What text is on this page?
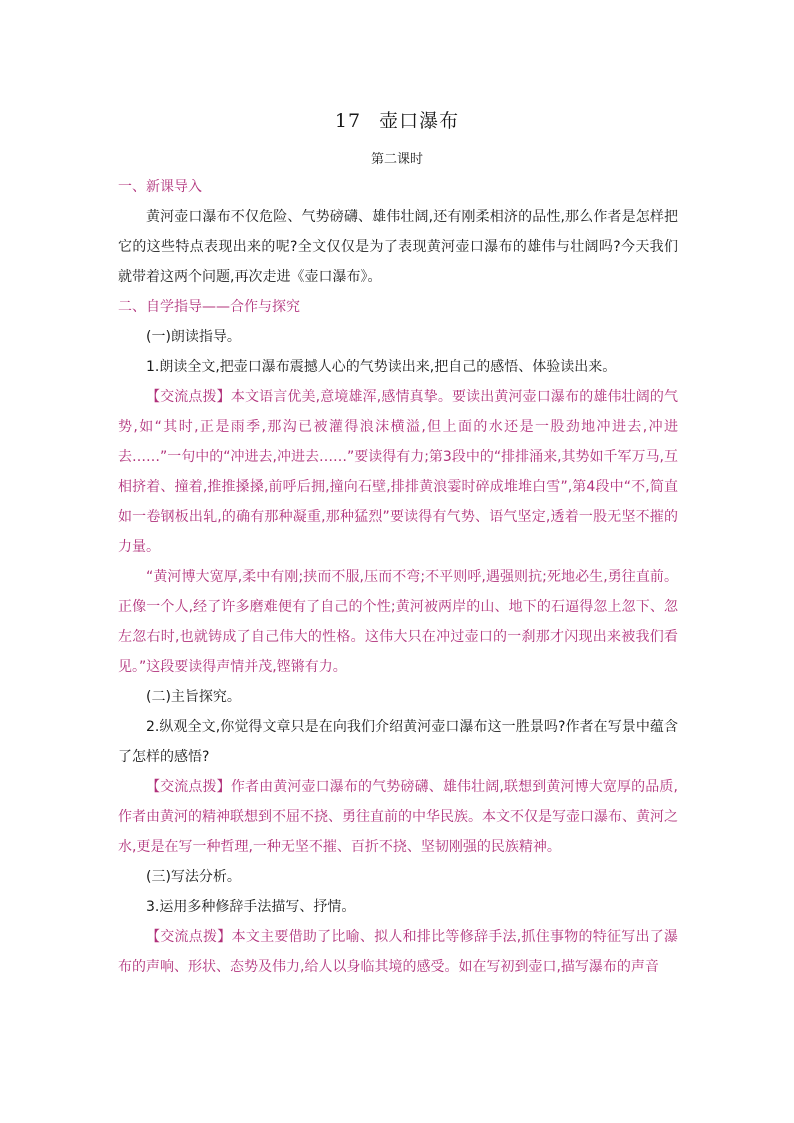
17 壶口瀑布
第二课时

一、新课导入

黄河壶口瀑布不仅危险、气势磅礴、雄伟壮阔,还有刚柔相济的品性,那么作者是怎样把它的这些特点表现出来的呢?全文仅仅是为了表现黄河壶口瀑布的雄伟与壮阔吗?今天我们就带着这两个问题,再次走进《壶口瀑布》。

二、自学指导——合作与探究

(一)朗读指导。

1.朗读全文,把壶口瀑布震撼人心的气势读出来,把自己的感悟、体验读出来。

【交流点拨】本文语言优美,意境雄浑,感情真挚。要读出黄河壶口瀑布的雄伟壮阔的气势,如“其时,正是雨季,那沟已被灌得浪沫横溢,但上面的水还是一股劲地冲进去,冲进去……”一句中的“冲进去,冲进去……”要读得有力;第3段中的“排排涌来,其势如千军万马,互相挤着、撞着,推推搡搡,前呼后拥,撞向石壁,排排黄浪霎时碎成堆堆白雪”,第4段中“不,简直如一卷钢板出轧,的确有那种凝重,那种猛烈”要读得有气势、语气坚定,透着一股无坚不摧的力量。

“黄河博大宽厚,柔中有刚;挟而不服,压而不弯;不平则呼,遇强则抗;死地必生,勇往直前。正像一个人,经了许多磨难便有了自己的个性;黄河被两岸的山、地下的石逼得忽上忽下、忽左忽右时,也就铸成了自己伟大的性格。这伟大只在冲过壶口的一刹那才闪现出来被我们看见。”这段要读得声情并茂,铿锵有力。

(二)主旨探究。

2.纵观全文,你觉得文章只是在向我们介绍黄河壶口瀑布这一胜景吗?作者在写景中蕴含了怎样的感悟?

【交流点拨】作者由黄河壶口瀑布的气势磅礴、雄伟壮阔,联想到黄河博大宽厚的品质,作者由黄河的精神联想到不屈不挠、勇往直前的中华民族。本文不仅是写壶口瀑布、黄河之水,更是在写一种哲理,一种无坚不摧、百折不挠、坚韧刚强的民族精神。

(三)写法分析。

3.运用多种修辞手法描写、抒情。

【交流点拨】本文主要借助了比喻、拟人和排比等修辞手法,抓住事物的特征写出了瀑布的声响、形状、态势及伟力,给人以身临其境的感受。如在写初到壶口,描写瀑布的声音
